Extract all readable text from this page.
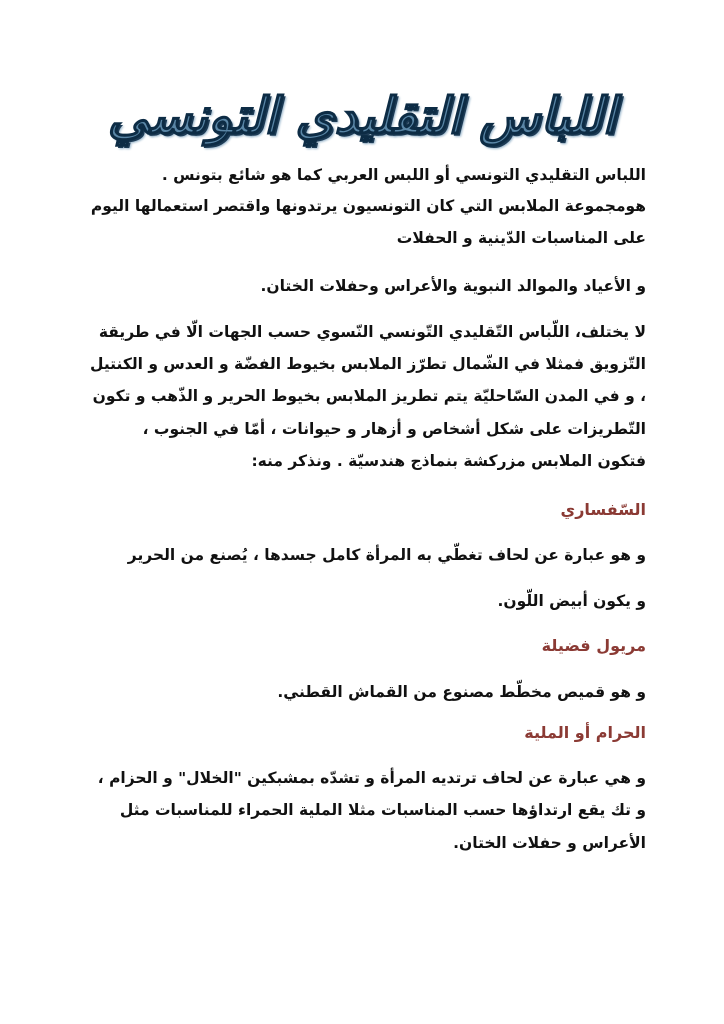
اللباس التقليدي التونسي
اللباس التقليدي التونسي أو اللبس العربي كما هو شائع بتونس .
هومجموعة الملابس التي كان التونسيون يرتدونها واقتصر استعمالها اليوم
على المناسبات الدّينية و الحفلات
و الأعياد والموالد النبوية والأعراس وحفلات الختان.
لا يختلف، اللّباس التّقليدي التّونسي النّسوي حسب الجهات الّا في طريقة
التّزويق فمثلا في الشّمال تطرّز الملابس بخيوط الفضّة و العدس و الكنتيل
، و في المدن السّاحليّة يتم تطريز الملابس بخيوط الحرير و الذّهب و تكون
التّطريزات على شكل أشخاص و أزهار و حيوانات ، أمّا في الجنوب ،
فتكون الملابس مزركشة بنماذج هندسيّة . ونذكر منه:
السّفساري
و هو عبارة عن لحاف تغطّي به المرأة كامل جسدها ، يُصنع من الحرير
و يكون أبيض اللّون.
مريول فضيلة
و هو قميص مخطّط مصنوع من القماش القطني.
الحرام أو الملية
و هي عبارة عن لحاف ترتديه المرأة و تشدّه بمشبكين "الخلال" و الحزام ،
و تك يقع ارتداؤها حسب المناسبات مثلا الملية الحمراء للمناسبات مثل
الأعراس و حفلات الختان.
